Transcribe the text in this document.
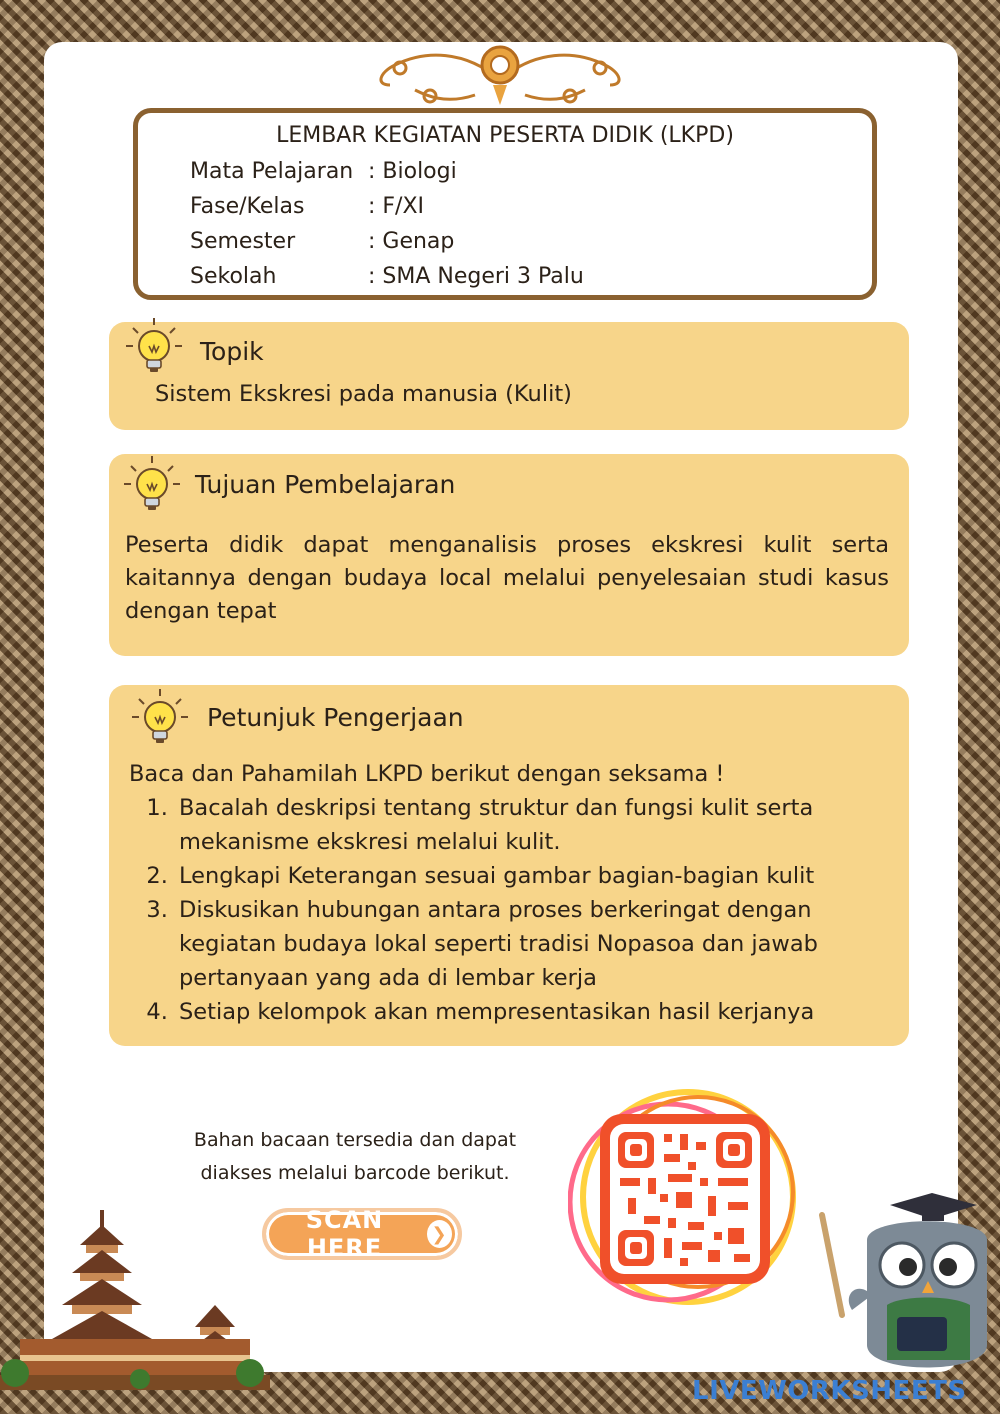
LEMBAR KEGIATAN PESERTA DIDIK (LKPD)
Mata Pelajaran : Biologi
Fase/Kelas	: F/XI
Semester	: Genap
Sekolah	: SMA Negeri 3 Palu
Topik
Sistem Ekskresi pada manusia (Kulit)
Tujuan Pembelajaran
Peserta didik dapat menganalisis proses ekskresi kulit serta kaitannya dengan budaya local melalui penyelesaian studi kasus dengan tepat
Petunjuk Pengerjaan
Baca dan Pahamilah LKPD berikut dengan seksama !
1. Bacalah deskripsi tentang struktur dan fungsi kulit serta mekanisme ekskresi melalui kulit.
2. Lengkapi Keterangan sesuai gambar bagian-bagian kulit
3. Diskusikan hubungan antara proses berkeringat dengan kegiatan budaya lokal seperti tradisi Nopasoa dan jawab pertanyaan yang ada di lembar kerja
4. Setiap kelompok akan mempresentasikan hasil kerjanya
Bahan bacaan tersedia dan dapat
diakses melalui barcode berikut.
SCAN HERE	❯
LIVEWORKSHEETS
